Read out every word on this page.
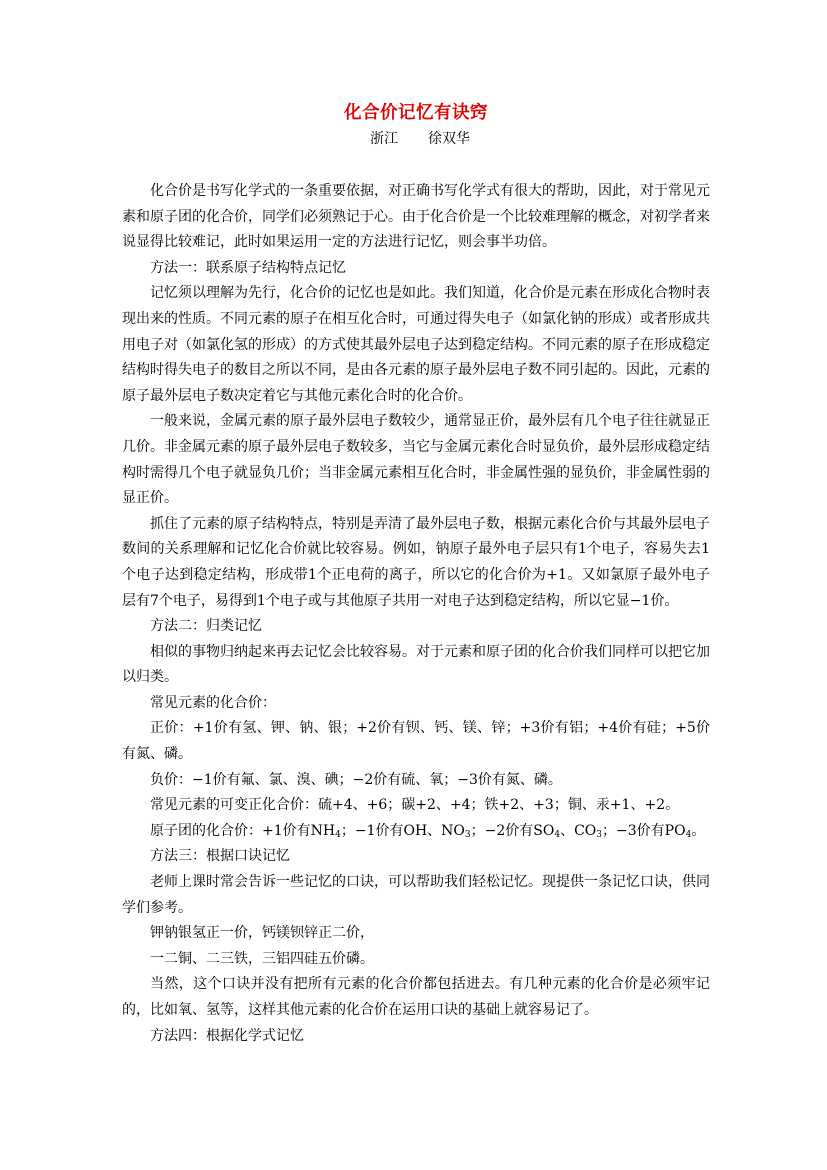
化合价记忆有诀窍
浙江 徐双华

化合价是书写化学式的一条重要依据，对正确书写化学式有很大的帮助，因此，对于常见元素和原子团的化合价，同学们必须熟记于心。由于化合价是一个比较难理解的概念，对初学者来说显得比较难记，此时如果运用一定的方法进行记忆，则会事半功倍。

方法一：联系原子结构特点记忆

记忆须以理解为先行，化合价的记忆也是如此。我们知道，化合价是元素在形成化合物时表现出来的性质。不同元素的原子在相互化合时，可通过得失电子（如氯化钠的形成）或者形成共用电子对（如氯化氢的形成）的方式使其最外层电子达到稳定结构。不同元素的原子在形成稳定结构时得失电子的数目之所以不同，是由各元素的原子最外层电子数不同引起的。因此，元素的原子最外层电子数决定着它与其他元素化合时的化合价。

一般来说，金属元素的原子最外层电子数较少，通常显正价，最外层有几个电子往往就显正几价。非金属元素的原子最外层电子数较多，当它与金属元素化合时显负价，最外层形成稳定结构时需得几个电子就显负几价；当非金属元素相互化合时，非金属性强的显负价，非金属性弱的显正价。

抓住了元素的原子结构特点，特别是弄清了最外层电子数，根据元素化合价与其最外层电子数间的关系理解和记忆化合价就比较容易。例如，钠原子最外电子层只有1个电子，容易失去1个电子达到稳定结构，形成带1个正电荷的离子，所以它的化合价为+1。又如氯原子最外电子层有7个电子，易得到1个电子或与其他原子共用一对电子达到稳定结构，所以它显−1价。

方法二：归类记忆

相似的事物归纳起来再去记忆会比较容易。对于元素和原子团的化合价我们同样可以把它加以归类。

常见元素的化合价：

正价：+1价有氢、钾、钠、银；+2价有钡、钙、镁、锌；+3价有铝；+4价有硅；+5价有氮、磷。

负价：−1价有氟、氯、溴、碘；−2价有硫、氧；−3价有氮、磷。

常见元素的可变正化合价：硫+4、+6；碳+2、+4；铁+2、+3；铜、汞+1、+2。

原子团的化合价：+1价有$NH_4$；−1价有OH、$NO_3$；−2价有$SO_4$、$CO_3$；−3价有$PO_4$。

方法三：根据口诀记忆

老师上课时常会告诉一些记忆的口诀，可以帮助我们轻松记忆。现提供一条记忆口诀，供同学们参考。

钾钠银氢正一价，钙镁钡锌正二价，

一二铜、二三铁，三铝四硅五价磷。

当然，这个口诀并没有把所有元素的化合价都包括进去。有几种元素的化合价是必须牢记的，比如氧、氢等，这样其他元素的化合价在运用口诀的基础上就容易记了。

方法四：根据化学式记忆
